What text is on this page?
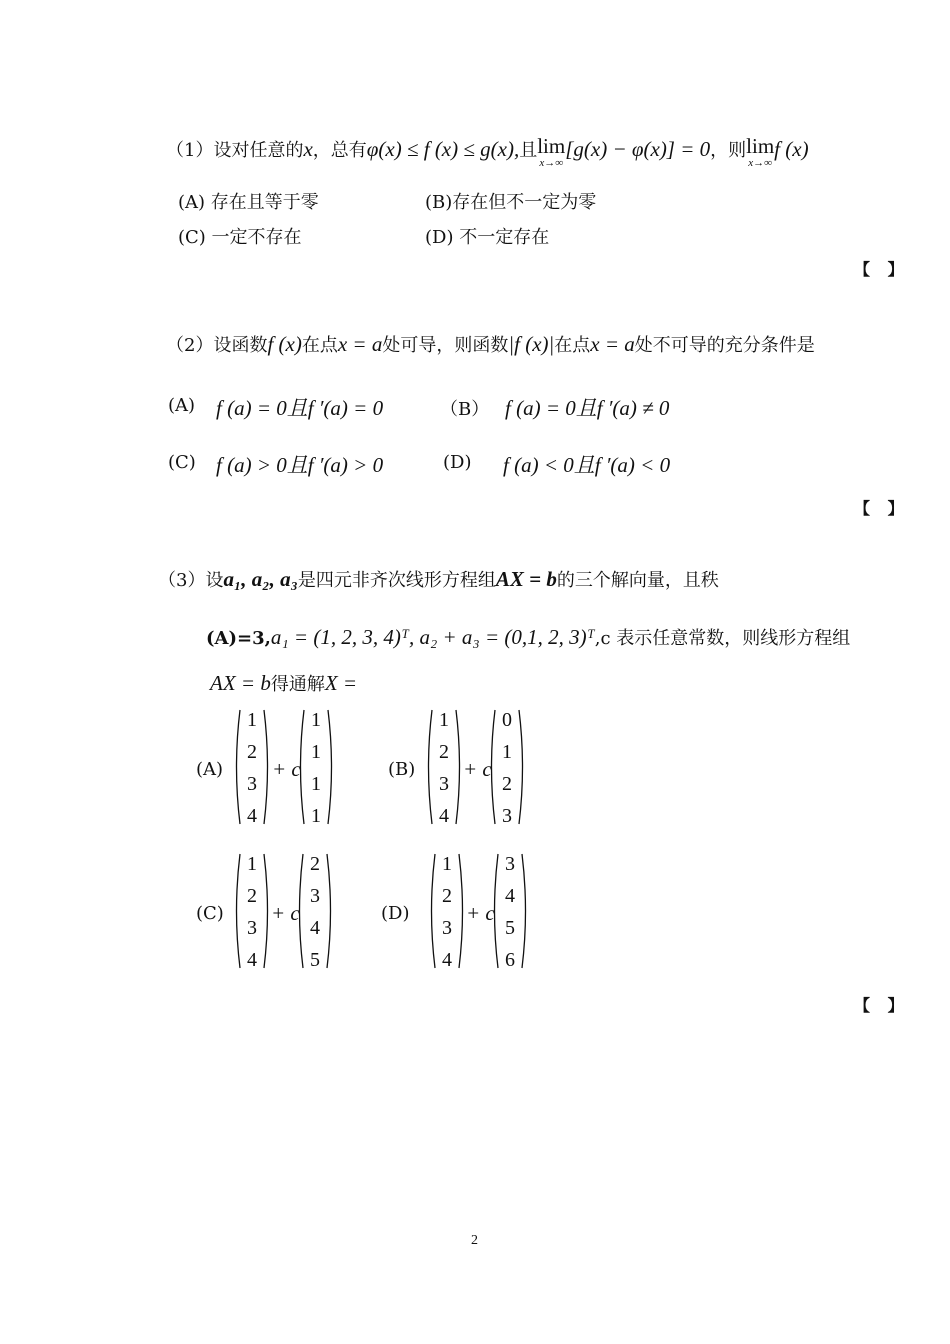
（1）设对任意的x，总有φ(x) ≤ f (x) ≤ g(x),且 lim
x→∞
[g(x) − φ(x)] = 0，则 lim
x→∞
f (x)
(A) 存在且等于零	(B)存在但不一定为零
(C) 一定不存在	(D) 不一定存在
【 】
（2）设函数f (x)在点x = a处可导，则函数|f (x)|在点x = a处不可导的充分条件是
(A) f (a) = 0且f ′(a) = 0	（B） f (a) = 0且f ′(a) ≠ 0
(C) f (a) > 0且f ′(a) > 0	(D) f (a) < 0且f ′(a) < 0
【 】
（3）设a₁, a₂, a₃是四元非齐次线形方程组AX = b的三个解向量，且秩
(A)=3,a₁ = (1, 2, 3, 4)ᵀ, a₂ + a₃ = (0,1, 2, 3)ᵀ,c 表示任意常数，则线形方程组
AX = b得通解X =
(A)
1
2
3
4
+ c
1
1
1
1
(B)
1
2
3
4
+ c
0
1
2
3
(C)
1
2
3
4
+ c
2
3
4
5
(D)
1
2
3
4
+ c
3
4
5
6
【 】
2
